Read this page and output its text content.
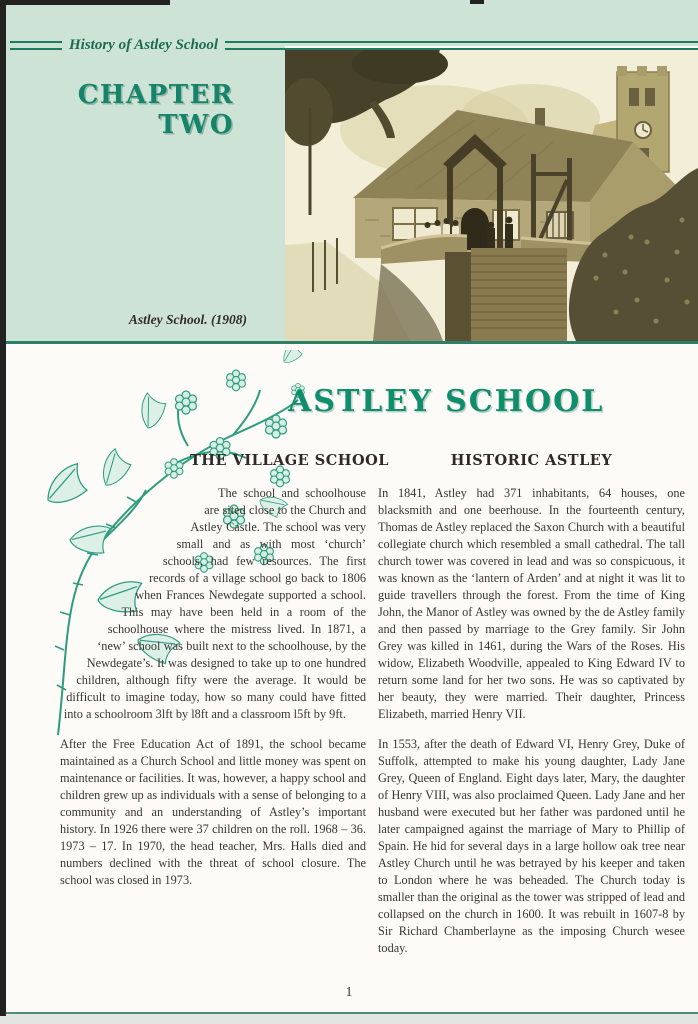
History of Astley School
CHAPTER
TWO
Astley School. (1908)
ASTLEY SCHOOL
THE VILLAGE SCHOOL

The school and schoolhouse are sited close to the Church and Astley Castle. The school was very small and as with most ‘church’ schools, had few resources. The first records of a village school go back to 1806 when Frances Newdegate supported a school. This may have been held in a room of the schoolhouse where the mistress lived. In 1871, a ‘new’ school was built next to the schoolhouse, by the Newdegate’s. It was designed to take up to one hundred children, although fifty were the average. It would be difficult to imagine today, how so many could have fitted into a schoolroom 3lft by l8ft and a classroom l5ft by 9ft.

After the Free Education Act of 1891, the school became maintained as a Church School and little money was spent on maintenance or facilities. It was, however, a happy school and children grew up as individuals with a sense of belonging to a community and an understanding of Astley’s important history. In 1926 there were 37 children on the roll. 1968 – 36. 1973 – 17. In 1970, the head teacher, Mrs. Halls died and numbers declined with the threat of school closure. The school was closed in 1973.

HISTORIC ASTLEY

In 1841, Astley had 371 inhabitants, 64 houses, one blacksmith and one beerhouse. In the fourteenth century, Thomas de Astley replaced the Saxon Church with a beautiful collegiate church which resembled a small cathedral. The tall church tower was covered in lead and was so conspicuous, it was known as the ‘lantern of Arden’ and at night it was lit to guide travellers through the forest. From the time of King John, the Manor of Astley was owned by the de Astley family and then passed by marriage to the Grey family. Sir John Grey was killed in 1461, during the Wars of the Roses. His widow, Elizabeth Woodville, appealed to King Edward IV to return some land for her two sons. He was so captivated by her beauty, they were married. Their daughter, Princess Elizabeth, married Henry VII.

In 1553, after the death of Edward VI, Henry Grey, Duke of Suffolk, attempted to make his young daughter, Lady Jane Grey, Queen of England. Eight days later, Mary, the daughter of Henry VIII, was also proclaimed Queen. Lady Jane and her husband were executed but her father was pardoned until he later campaigned against the marriage of Mary to Phillip of Spain. He hid for several days in a large hollow oak tree near Astley Church until he was betrayed by his keeper and taken to London where he was beheaded. The Church today is smaller than the original as the tower was stripped of lead and collapsed on the church in 1600. It was rebuilt in 1607-8 by Sir Richard Chamberlayne as the imposing Church wesee today.

1
